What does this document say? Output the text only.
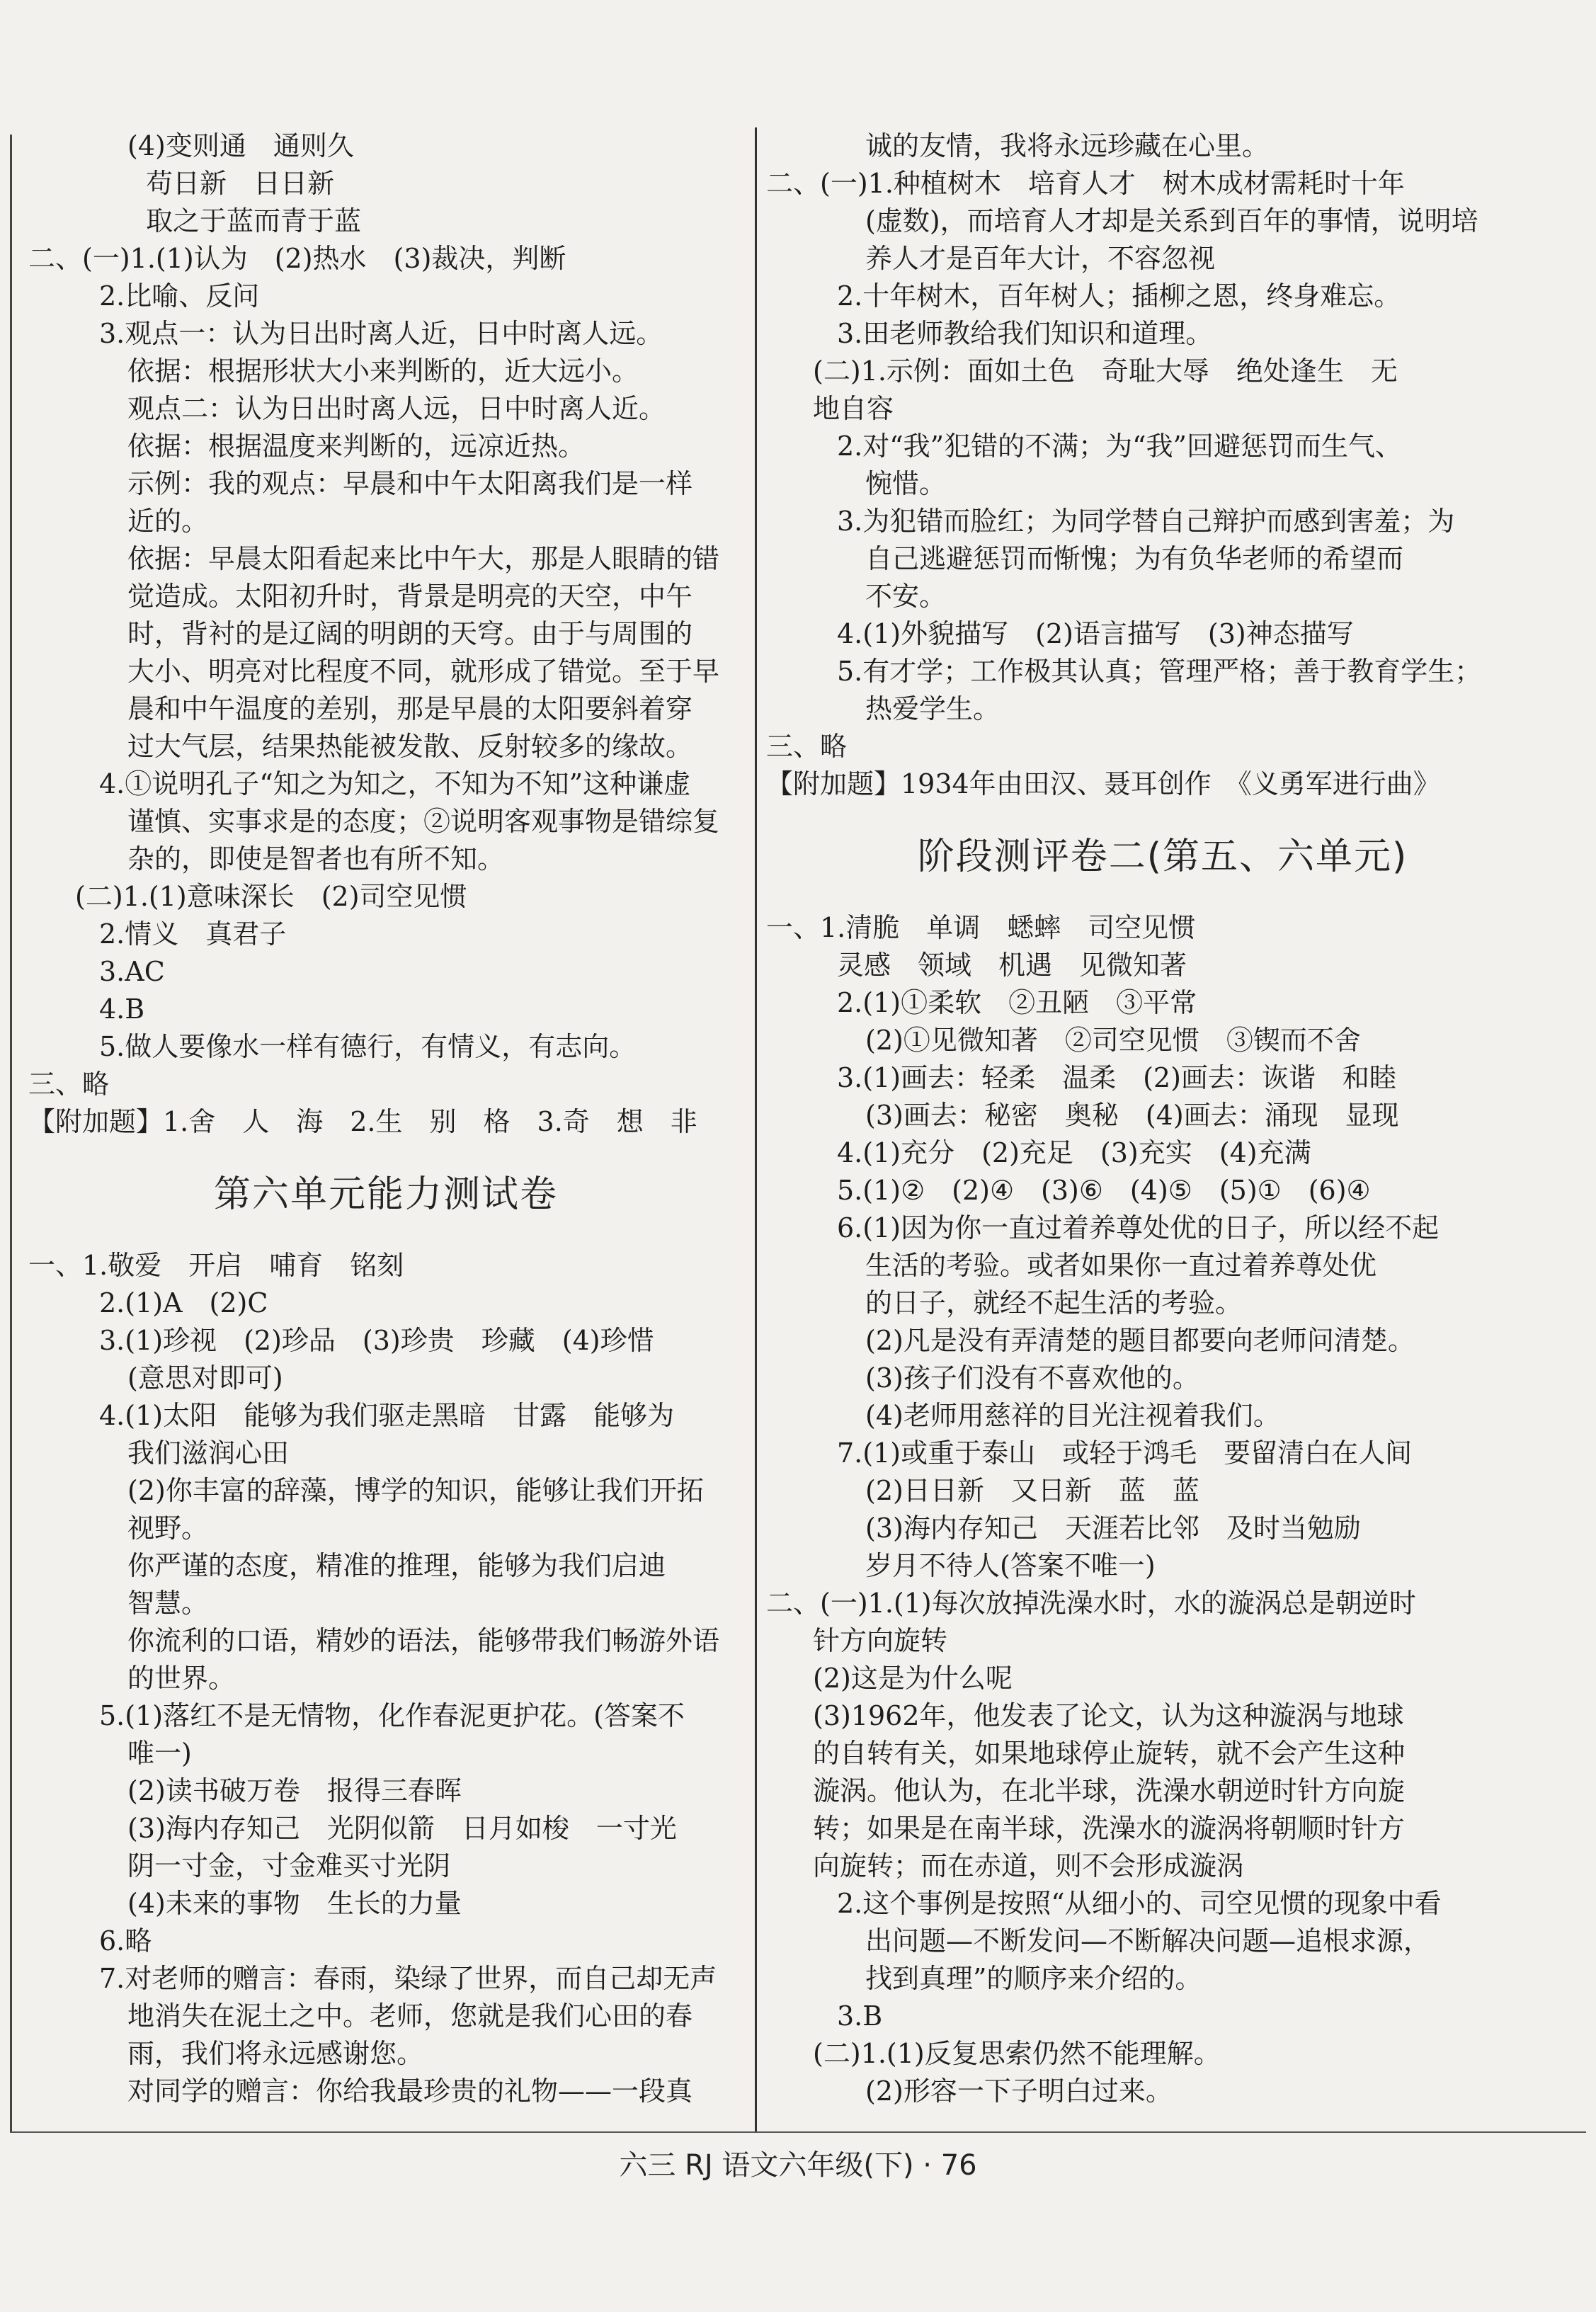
(4)变则通　通则久
苟日新　日日新
取之于蓝而青于蓝
二、(一)1.(1)认为　(2)热水　(3)裁决，判断
2.比喻、反问
3.观点一：认为日出时离人近，日中时离人远。
依据：根据形状大小来判断的，近大远小。
观点二：认为日出时离人远，日中时离人近。
依据：根据温度来判断的，远凉近热。
示例：我的观点：早晨和中午太阳离我们是一样
近的。
依据：早晨太阳看起来比中午大，那是人眼睛的错
觉造成。太阳初升时，背景是明亮的天空，中午
时，背衬的是辽阔的明朗的天穹。由于与周围的
大小、明亮对比程度不同，就形成了错觉。至于早
晨和中午温度的差别，那是早晨的太阳要斜着穿
过大气层，结果热能被发散、反射较多的缘故。
4.①说明孔子“知之为知之，不知为不知”这种谦虚
谨慎、实事求是的态度；②说明客观事物是错综复
杂的，即使是智者也有所不知。
(二)1.(1)意味深长　(2)司空见惯
2.情义　真君子
3.AC
4.B
5.做人要像水一样有德行，有情义，有志向。
三、略
【附加题】1.舍　人　海　2.生　别　格　3.奇　想　非
第六单元能力测试卷
一、1.敬爱　开启　哺育　铭刻
2.(1)A　(2)C
3.(1)珍视　(2)珍品　(3)珍贵　珍藏　(4)珍惜
(意思对即可)
4.(1)太阳　能够为我们驱走黑暗　甘露　能够为
我们滋润心田
(2)你丰富的辞藻，博学的知识，能够让我们开拓
视野。
你严谨的态度，精准的推理，能够为我们启迪
智慧。
你流利的口语，精妙的语法，能够带我们畅游外语
的世界。
5.(1)落红不是无情物，化作春泥更护花。(答案不
唯一)
(2)读书破万卷　报得三春晖
(3)海内存知己　光阴似箭　日月如梭　一寸光
阴一寸金，寸金难买寸光阴
(4)未来的事物　生长的力量
6.略
7.对老师的赠言：春雨，染绿了世界，而自己却无声
地消失在泥土之中。老师，您就是我们心田的春
雨，我们将永远感谢您。
对同学的赠言：你给我最珍贵的礼物——一段真
诚的友情，我将永远珍藏在心里。
二、(一)1.种植树木　培育人才　树木成材需耗时十年
(虚数)，而培育人才却是关系到百年的事情，说明培
养人才是百年大计，不容忽视
2.十年树木，百年树人；插柳之恩，终身难忘。
3.田老师教给我们知识和道理。
(二)1.示例：面如土色　奇耻大辱　绝处逢生　无
地自容
2.对“我”犯错的不满；为“我”回避惩罚而生气、
惋惜。
3.为犯错而脸红；为同学替自己辩护而感到害羞；为
自己逃避惩罚而惭愧；为有负华老师的希望而
不安。
4.(1)外貌描写　(2)语言描写　(3)神态描写
5.有才学；工作极其认真；管理严格；善于教育学生；
热爱学生。
三、略
【附加题】1934年由田汉、聂耳创作　《义勇军进行曲》
阶段测评卷二(第五、六单元)
一、1.清脆　单调　蟋蟀　司空见惯
灵感　领域　机遇　见微知著
2.(1)①柔软　②丑陋　③平常
(2)①见微知著　②司空见惯　③锲而不舍
3.(1)画去：轻柔　温柔　(2)画去：诙谐　和睦
(3)画去：秘密　奥秘　(4)画去：涌现　显现
4.(1)充分　(2)充足　(3)充实　(4)充满
5.(1)②　(2)④　(3)⑥　(4)⑤　(5)①　(6)④
6.(1)因为你一直过着养尊处优的日子，所以经不起
生活的考验。或者如果你一直过着养尊处优
的日子，就经不起生活的考验。
(2)凡是没有弄清楚的题目都要向老师问清楚。
(3)孩子们没有不喜欢他的。
(4)老师用慈祥的目光注视着我们。
7.(1)或重于泰山　或轻于鸿毛　要留清白在人间
(2)日日新　又日新　蓝　蓝
(3)海内存知己　天涯若比邻　及时当勉励
岁月不待人(答案不唯一)
二、(一)1.(1)每次放掉洗澡水时，水的漩涡总是朝逆时
针方向旋转
(2)这是为什么呢
(3)1962年，他发表了论文，认为这种漩涡与地球
的自转有关，如果地球停止旋转，就不会产生这种
漩涡。他认为，在北半球，洗澡水朝逆时针方向旋
转；如果是在南半球，洗澡水的漩涡将朝顺时针方
向旋转；而在赤道，则不会形成漩涡
2.这个事例是按照“从细小的、司空见惯的现象中看
出问题—不断发问—不断解决问题—追根求源，
找到真理”的顺序来介绍的。
3.B
(二)1.(1)反复思索仍然不能理解。
(2)形容一下子明白过来。
六三 RJ 语文六年级(下) · 76
